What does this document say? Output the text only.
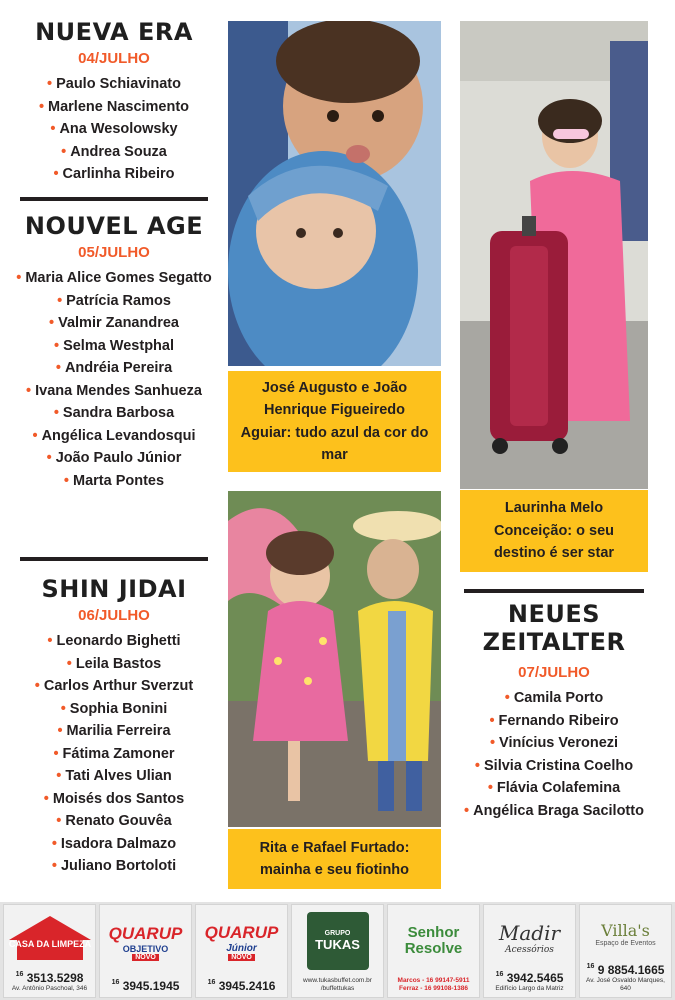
NUEVA ERA
04/JULHO
• Paulo Schiavinato
• Marlene Nascimento
• Ana Wesolowsky
• Andrea Souza
• Carlinha Ribeiro
NOUVEL AGE
05/JULHO
• Maria Alice Gomes Segatto
• Patrícia Ramos
• Valmir Zanandrea
• Selma Westphal
• Andréia Pereira
• Ivana Mendes Sanhueza
• Sandra Barbosa
• Angélica Levandosqui
• João Paulo Júnior
• Marta Pontes
SHIN JIDAI
06/JULHO
• Leonardo Bighetti
• Leila Bastos
• Carlos Arthur Sverzut
• Sophia Bonini
• Marilia Ferreira
• Fátima Zamoner
• Tati Alves Ulian
• Moisés dos Santos
• Renato Gouvêa
• Isadora Dalmazo
• Juliano Bortoloti
José Augusto e João Henrique Figueiredo Aguiar: tudo azul da cor do mar
Rita e Rafael Furtado: mainha e seu fiotinho
Laurinha Melo Conceição: o seu destino é ser star
NEUES ZEITALTER
07/JULHO
• Camila Porto
• Fernando Ribeiro
• Vinícius Veronezi
• Silvia Cristina Coelho
• Flávia Colafemina
• Angélica Braga Sacilotto
CASA DA LIMPEZA
$^{16}$ 3513.5298
Av. Antônio Paschoal, 346
QUARUP
OBJETIVO
NOVO
$^{16}$ 3945.1945
QUARUP
Júnior
NOVO
$^{16}$ 3945.2416
GRUPO
TUKAS
www.tukasbuffet.com.br
/buffettukas
Senhor Resolve
Marcos - 16 99147-5911
Ferraz - 16 99108-1386
Madir
Acessórios
$^{16}$ 3942.5465
Edifício Largo da Matriz
Villa's
Espaço de Eventos
$^{16}$ 9 8854.1665
Av. José Osvaldo Marques, 640
